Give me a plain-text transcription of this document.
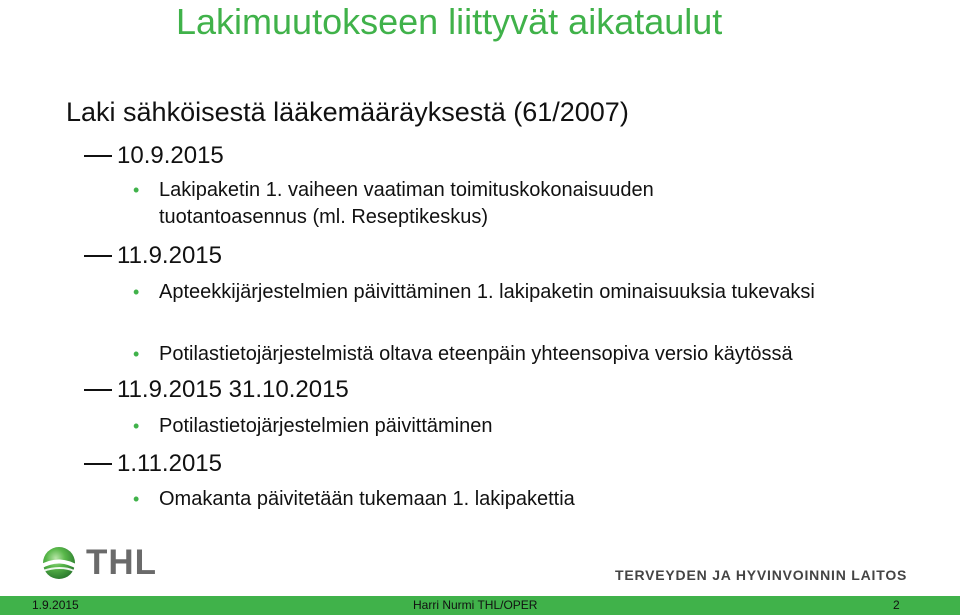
Lakimuutokseen liittyvät aikataulut
Laki sähköisestä lääkemääräyksestä (61/2007)
10.9.2015
• Lakipaketin 1. vaiheen vaatiman toimituskokonaisuuden tuotantoasennus (ml. Reseptikeskus)
11.9.2015
• Apteekkijärjestelmien päivittäminen 1. lakipaketin ominaisuuksia tukevaksi
• Potilastietojärjestelmistä oltava eteenpäin yhteensopiva versio käytössä
11.9.2015 31.10.2015
• Potilastietojärjestelmien päivittäminen
1.11.2015
• Omakanta päivitetään tukemaan 1. lakipakettia
THL	TERVEYDEN JA HYVINVOINNIN LAITOS
1.9.2015	Harri Nurmi THL/OPER	2
